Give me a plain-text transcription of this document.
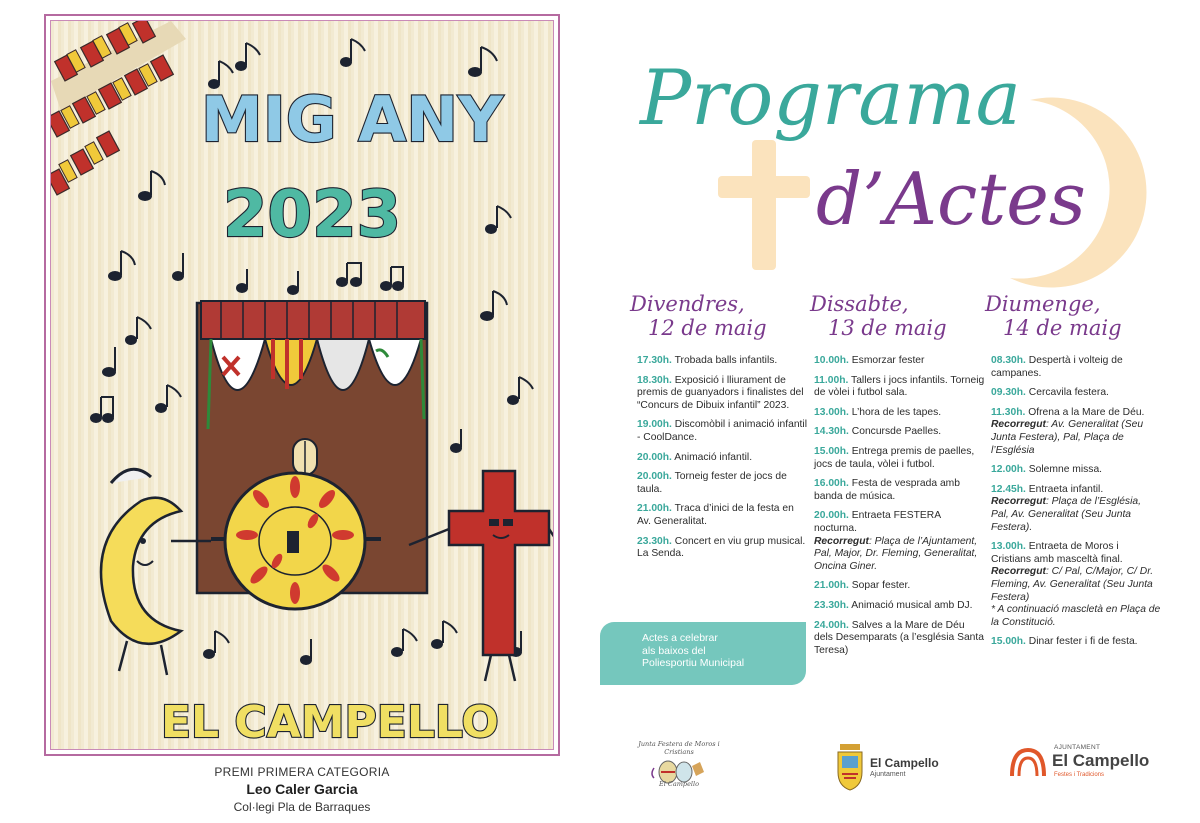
MIG ANY
2023
EL CAMPELLO
PREMI PRIMERA CATEGORIA
Leo Caler Garcia
Col·legi Pla de Barraques
Programa
d’Actes
Divendres,
12 de maig
Dissabte,
13 de maig
Diumenge,
14 de maig
17.30h. Trobada balls infantils.
18.30h. Exposició i lliurament de premis de guanyadors i finalistes del “Concurs de Dibuix infantil” 2023.
19.00h. Discomòbil i animació infantil - CoolDance.
20.00h. Animació infantil.
20.00h. Torneig fester de jocs de taula.
21.00h. Traca d’inici de la festa en Av. Generalitat.
23.30h. Concert en viu grup musical. La Senda.
10.00h. Esmorzar fester
11.00h. Tallers i jocs infantils. Torneig de vòlei i futbol sala.
13.00h. L’hora de les tapes.
14.30h. Concursde Paelles.
15.00h. Entrega premis de paelles, jocs de taula, vòlei i futbol.
16.00h. Festa de vesprada amb banda de música.
20.00h. Entraeta FESTERA nocturna.
Recorregut: Plaça de l’Ajuntament, Pal, Major, Dr. Fleming, Generalitat, Oncina Giner.
21.00h. Sopar fester.
23.30h. Animació musical amb DJ.
24.00h. Salves a la Mare de Déu dels Desemparats (a l’església Santa Teresa)
08.30h. Despertà i volteig de campanes.
09.30h. Cercavila festera.
11.30h. Ofrena a la Mare de Déu.
Recorregut: Av. Generalitat (Seu Junta Festera), Pal, Plaça de l’Església
12.00h. Solemne missa.
12.45h. Entraeta infantil.
Recorregut: Plaça de l’Església, Pal, Av. Generalitat (Seu Junta Festera).
13.00h. Entraeta de Moros i Cristians amb masceltà final.
Recorregut: C/ Pal, C/Major, C/ Dr. Fleming, Av. Generalitat (Seu Junta Festera)
* A continuació mascletà en Plaça de la Constitució.
15.00h. Dinar fester i fi de festa.
Actes a celebrar
als baixos del
Poliesportiu Municipal
Junta Festera de Moros i Cristians
El Campello
El Campello
Ajuntament
AJUNTAMENT
El Campello
Festes i Tradicions
